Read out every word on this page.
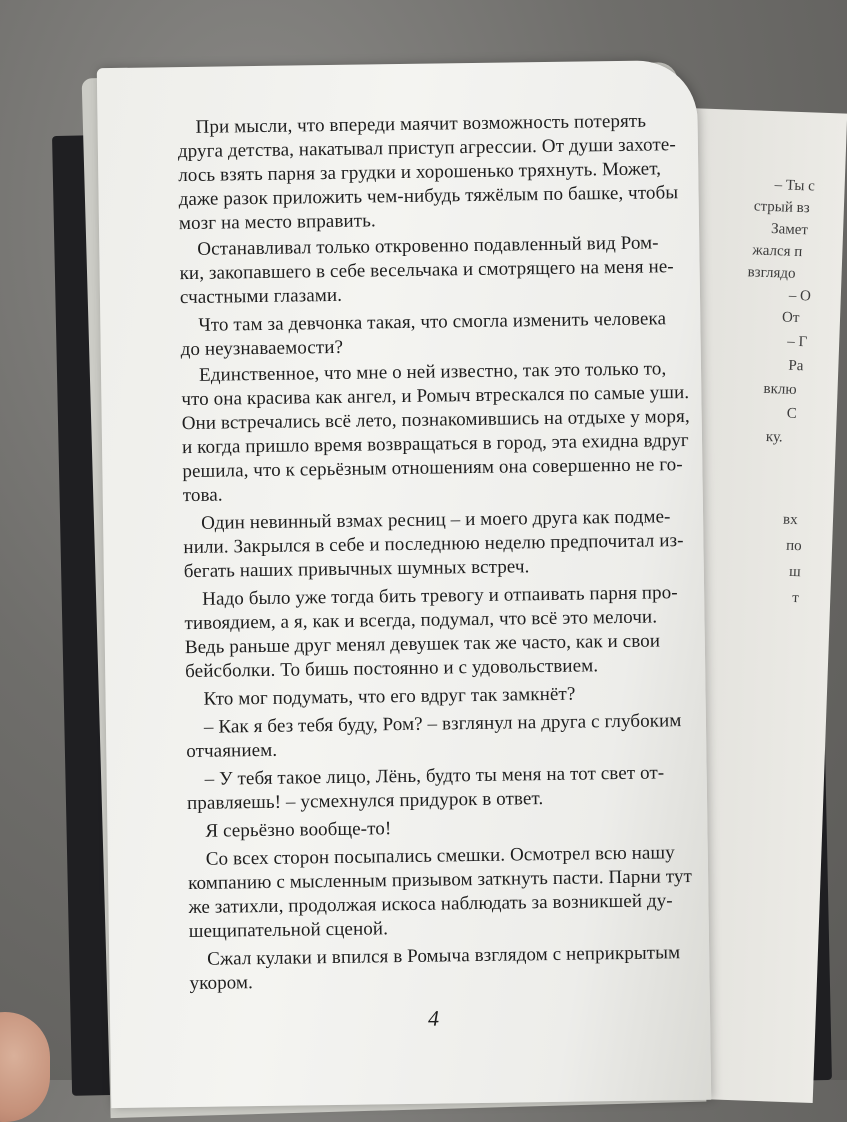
– Ты с
стрый вз
Замет
жался п
взглядо
– О
От
– Г
Ра
вклю
С
ку.
вх
по
ш
т
При мысли, что впереди маячит возможность потерять
друга детства, накатывал приступ агрессии. От души захоте-
лось взять парня за грудки и хорошенько тряхнуть. Может,
даже разок приложить чем-нибудь тяжёлым по башке, чтобы
мозг на место вправить.
Останавливал только откровенно подавленный вид Ром-
ки, закопавшего в себе весельчака и смотрящего на меня не-
счастными глазами.
Что там за девчонка такая, что смогла изменить человека
до неузнаваемости?
Единственное, что мне о ней известно, так это только то,
что она красива как ангел, и Ромыч втрескался по самые уши.
Они встречались всё лето, познакомившись на отдыхе у моря,
и когда пришло время возвращаться в город, эта ехидна вдруг
решила, что к серьёзным отношениям она совершенно не го-
това.
Один невинный взмах ресниц – и моего друга как подме-
нили. Закрылся в себе и последнюю неделю предпочитал из-
бегать наших привычных шумных встреч.
Надо было уже тогда бить тревогу и отпаивать парня про-
тивоядием, а я, как и всегда, подумал, что всё это мелочи.
Ведь раньше друг менял девушек так же часто, как и свои
бейсболки. То бишь постоянно и с удовольствием.
Кто мог подумать, что его вдруг так замкнёт?
– Как я без тебя буду, Ром? – взглянул на друга с глубоким
отчаянием.
– У тебя такое лицо, Лёнь, будто ты меня на тот свет от-
правляешь! – усмехнулся придурок в ответ.
Я серьёзно вообще-то!
Со всех сторон посыпались смешки. Осмотрел всю нашу
компанию с мысленным призывом заткнуть пасти. Парни тут
же затихли, продолжая искоса наблюдать за возникшей ду-
шещипательной сценой.
Сжал кулаки и впился в Ромыча взглядом с неприкрытым
укором.
4
